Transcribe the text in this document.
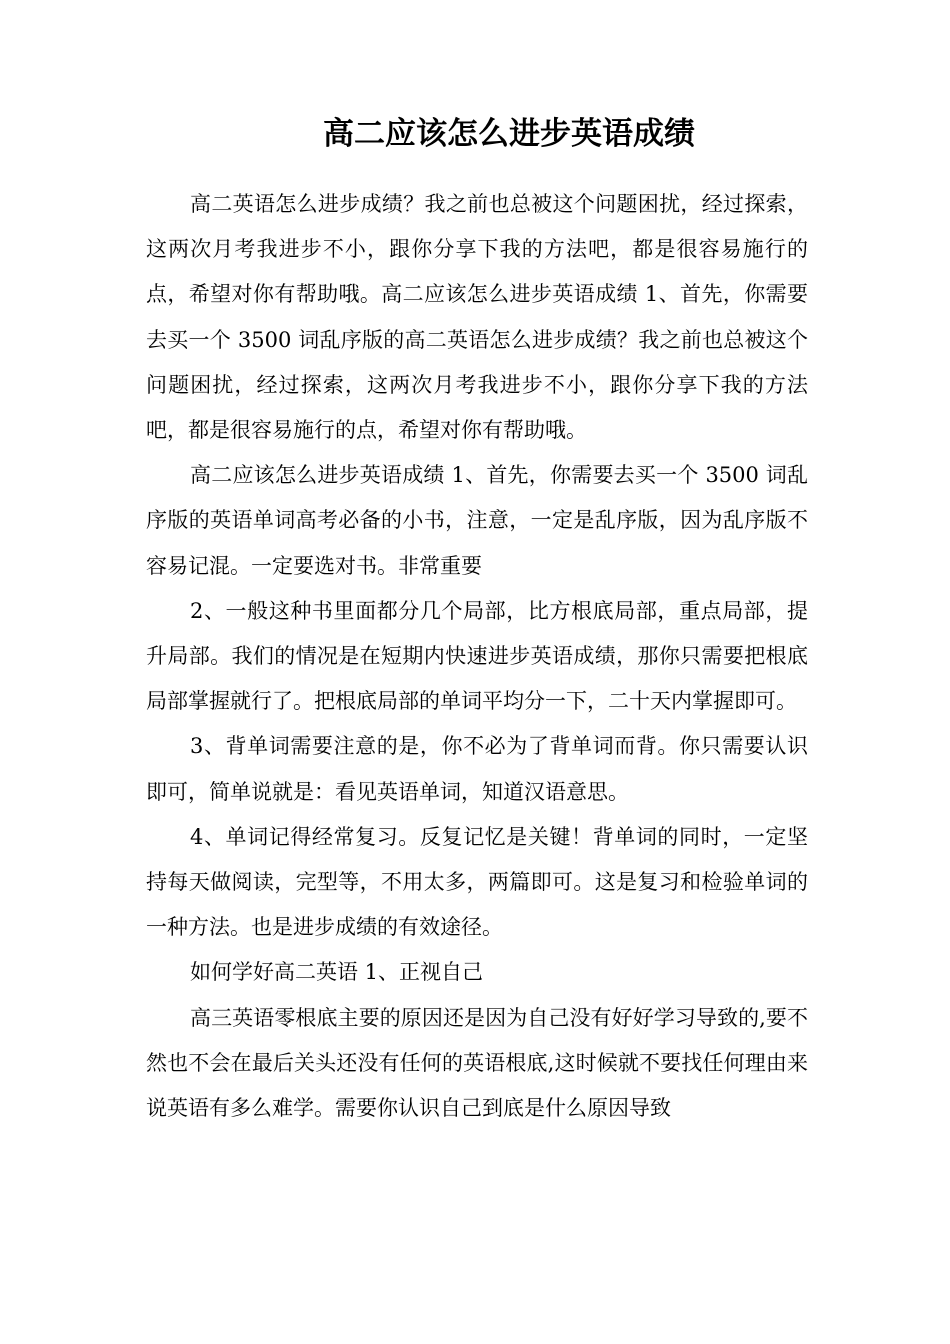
高二应该怎么进步英语成绩

高二英语怎么进步成绩？我之前也总被这个问题困扰，经过探索，这两次月考我进步不小，跟你分享下我的方法吧，都是很容易施行的点，希望对你有帮助哦。高二应该怎么进步英语成绩 1、首先，你需要去买一个 3500 词乱序版的高二英语怎么进步成绩？我之前也总被这个问题困扰，经过探索，这两次月考我进步不小，跟你分享下我的方法吧，都是很容易施行的点，希望对你有帮助哦。

高二应该怎么进步英语成绩 1、首先，你需要去买一个 3500 词乱序版的英语单词高考必备的小书，注意，一定是乱序版，因为乱序版不容易记混。一定要选对书。非常重要

2、一般这种书里面都分几个局部，比方根底局部，重点局部，提升局部。我们的情况是在短期内快速进步英语成绩，那你只需要把根底局部掌握就行了。把根底局部的单词平均分一下，二十天内掌握即可。

3、背单词需要注意的是，你不必为了背单词而背。你只需要认识即可，简单说就是：看见英语单词，知道汉语意思。

4、单词记得经常复习。反复记忆是关键！背单词的同时，一定坚持每天做阅读，完型等，不用太多，两篇即可。这是复习和检验单词的一种方法。也是进步成绩的有效途径。

如何学好高二英语 1、正视自己

高三英语零根底主要的原因还是因为自己没有好好学习导致的,要不然也不会在最后关头还没有任何的英语根底,这时候就不要找任何理由来说英语有多么难学。需要你认识自己到底是什么原因导致
